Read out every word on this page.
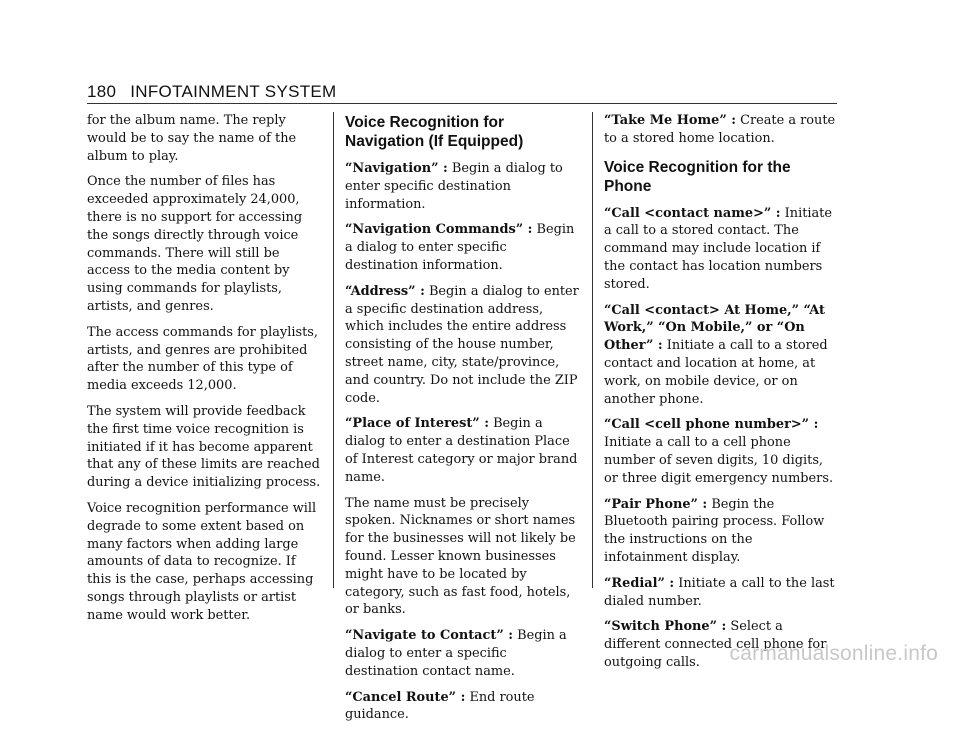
180 INFOTAINMENT SYSTEM

for the album name. The reply would be to say the name of the album to play.

Once the number of files has exceeded approximately 24,000, there is no support for accessing the songs directly through voice commands. There will still be access to the media content by using commands for playlists, artists, and genres.

The access commands for playlists, artists, and genres are prohibited after the number of this type of media exceeds 12,000.

The system will provide feedback the first time voice recognition is initiated if it has become apparent that any of these limits are reached during a device initializing process.

Voice recognition performance will degrade to some extent based on many factors when adding large amounts of data to recognize. If this is the case, perhaps accessing songs through playlists or artist name would work better.

Voice Recognition for Navigation (If Equipped)

“Navigation” : Begin a dialog to enter specific destination information.

“Navigation Commands” : Begin a dialog to enter specific destination information.

“Address” : Begin a dialog to enter a specific destination address, which includes the entire address consisting of the house number, street name, city, state/province, and country. Do not include the ZIP code.

“Place of Interest” : Begin a dialog to enter a destination Place of Interest category or major brand name.

The name must be precisely spoken. Nicknames or short names for the businesses will not likely be found. Lesser known businesses might have to be located by category, such as fast food, hotels, or banks.

“Navigate to Contact” : Begin a dialog to enter a specific destination contact name.

“Cancel Route” : End route guidance.

“Take Me Home” : Create a route to a stored home location.

Voice Recognition for the Phone

“Call <contact name>” : Initiate a call to a stored contact. The command may include location if the contact has location numbers stored.

“Call <contact> At Home,” “At Work,” “On Mobile,” or “On Other” : Initiate a call to a stored contact and location at home, at work, on mobile device, or on another phone.

“Call <cell phone number>” : Initiate a call to a cell phone number of seven digits, 10 digits, or three digit emergency numbers.

“Pair Phone” : Begin the Bluetooth pairing process. Follow the instructions on the infotainment display.

“Redial” : Initiate a call to the last dialed number.

“Switch Phone” : Select a different connected cell phone for outgoing calls.	carmanualsonline.info
